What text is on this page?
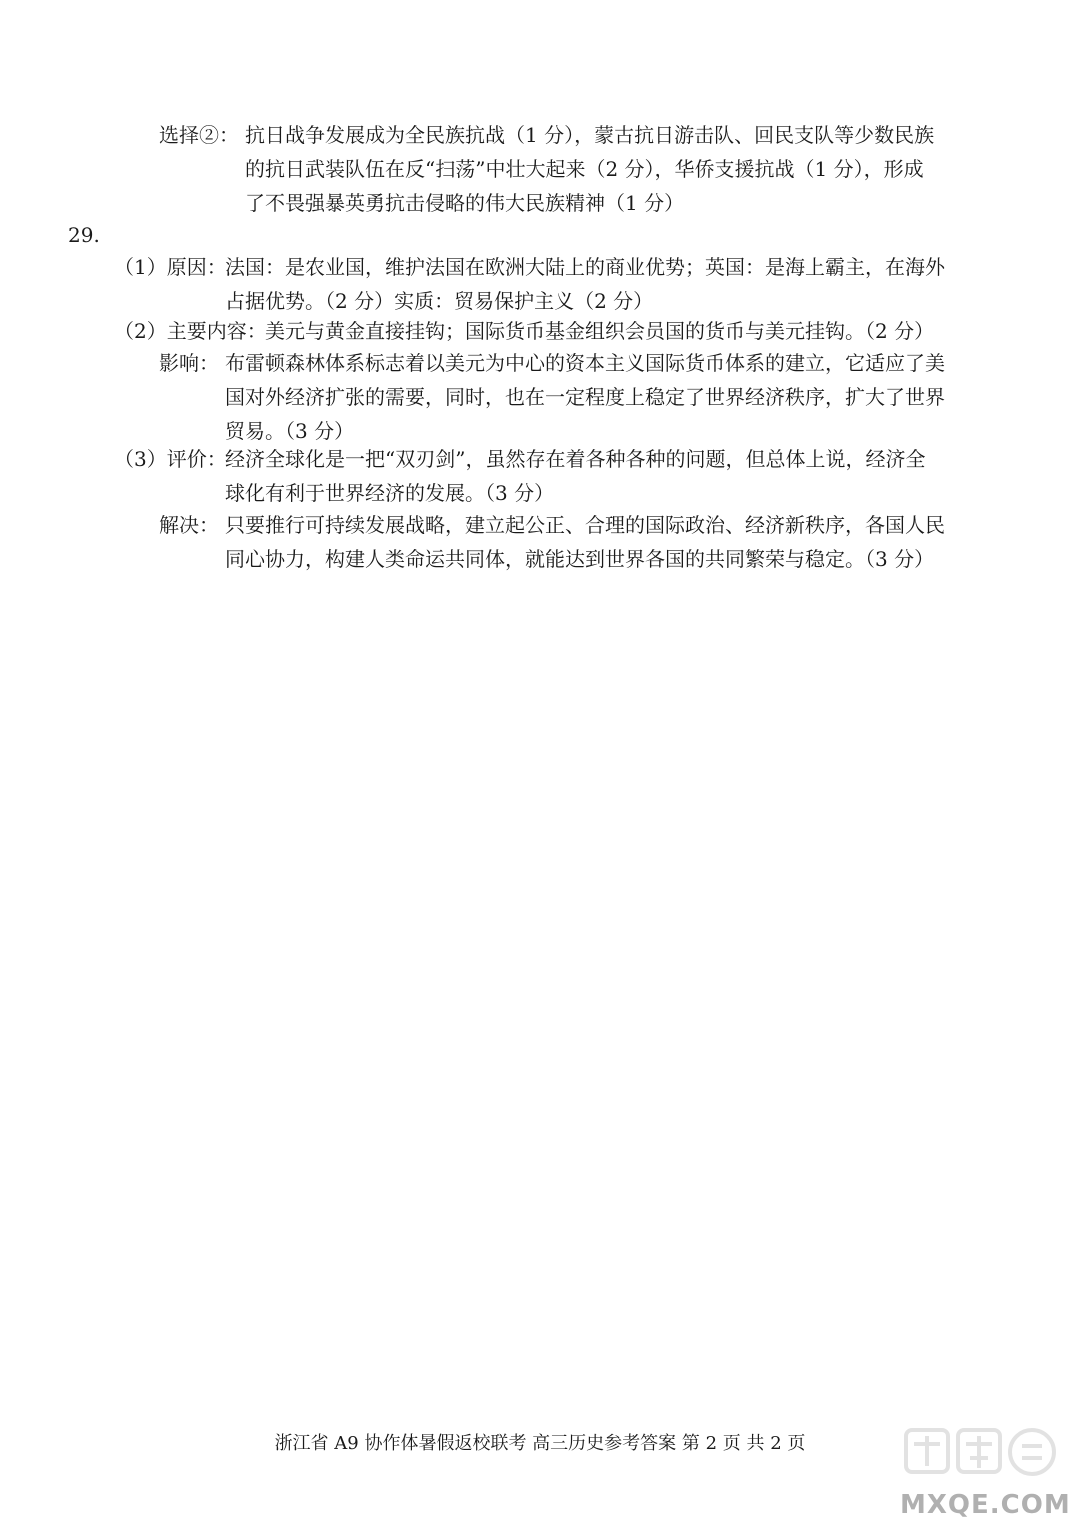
选择②： 抗日战争发展成为全民族抗战（1 分），蒙古抗日游击队、回民支队等少数民族
的抗日武装队伍在反“扫荡”中壮大起来（2 分），华侨支援抗战（1 分），形成
了不畏强暴英勇抗击侵略的伟大民族精神（1 分）
29.
（1）原因：
法国：是农业国，维护法国在欧洲大陆上的商业优势；英国：是海上霸主，在海外
占据优势。（2 分）实质：贸易保护主义（2 分）
（2）主要内容：
美元与黄金直接挂钩；国际货币基金组织会员国的货币与美元挂钩。（2 分）
影响： 布雷顿森林体系标志着以美元为中心的资本主义国际货币体系的建立，它适应了美
国对外经济扩张的需要，同时，也在一定程度上稳定了世界经济秩序，扩大了世界
贸易。（3 分）
（3）评价：
经济全球化是一把“双刃剑”，虽然存在着各种各种的问题，但总体上说，经济全
球化有利于世界经济的发展。（3 分）
解决： 只要推行可持续发展战略，建立起公正、合理的国际政治、经济新秩序，各国人民
同心协力，构建人类命运共同体，就能达到世界各国的共同繁荣与稳定。（3 分）
浙江省 A9 协作体暑假返校联考 高三历史参考答案 第 2 页 共 2 页
MXQE.COM
